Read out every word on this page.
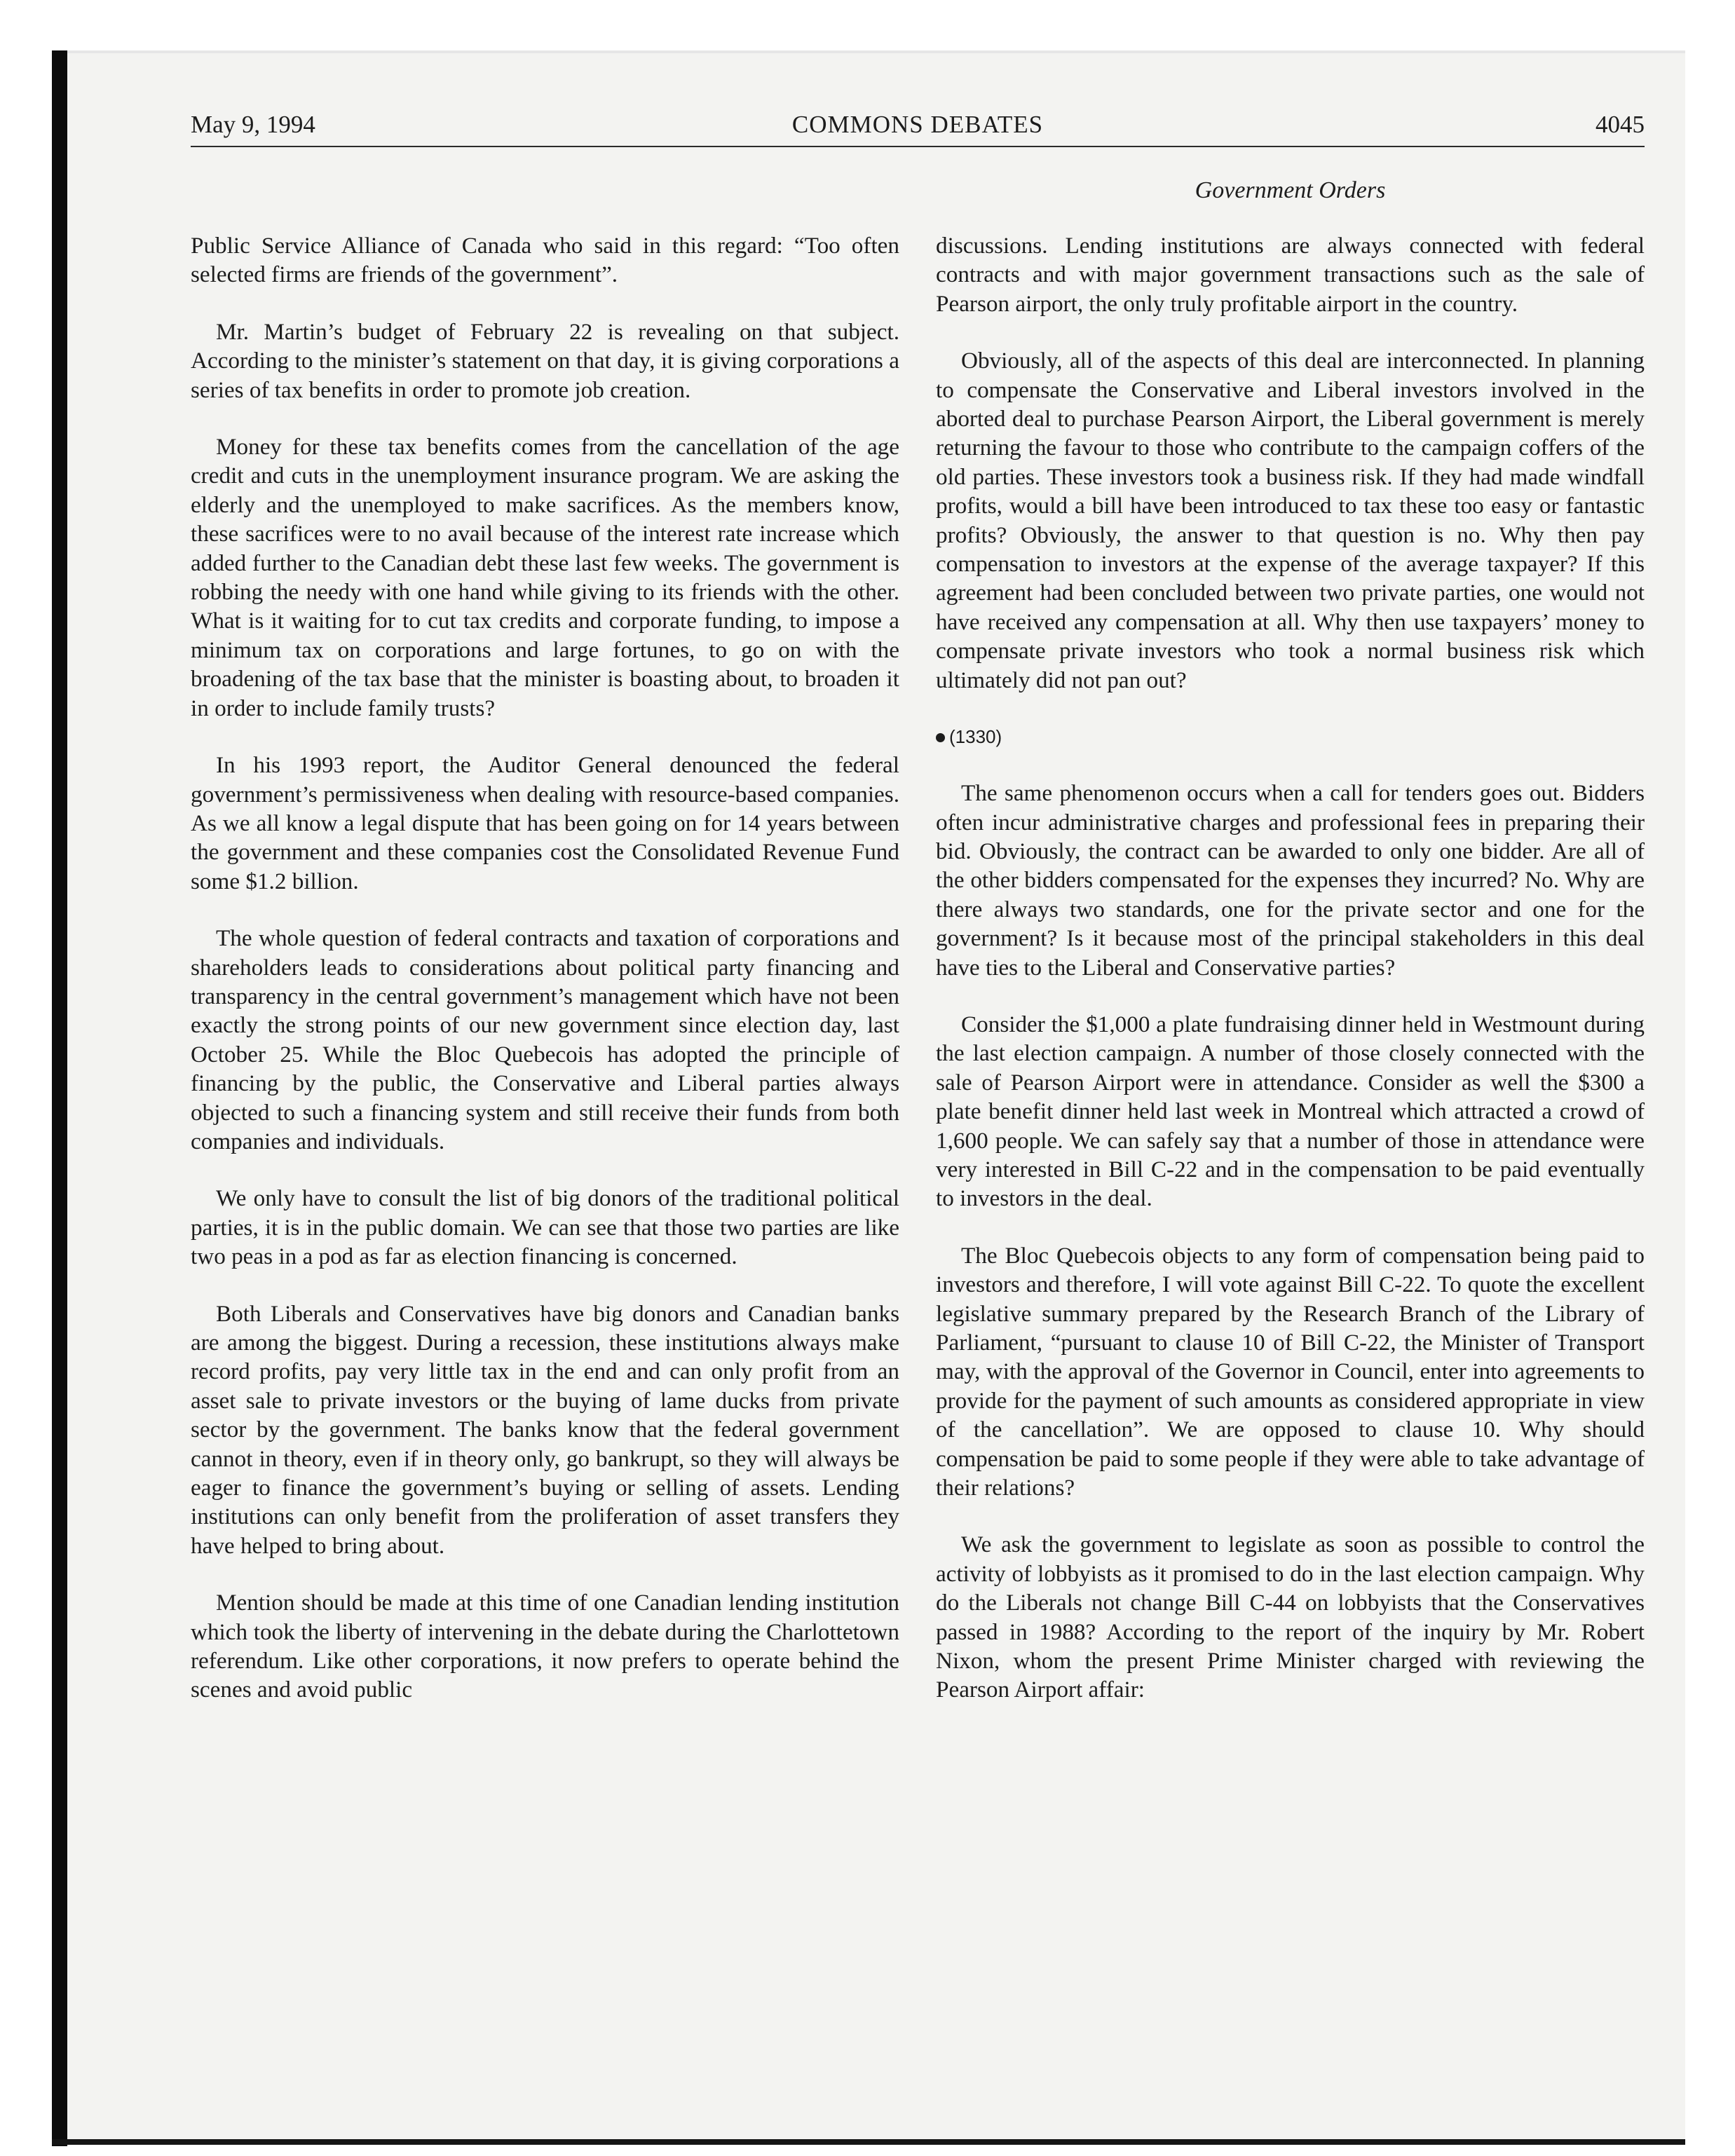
May 9, 1994	COMMONS DEBATES	4045
Government Orders

Public Service Alliance of Canada who said in this regard: “Too often selected firms are friends of the government”.

Mr. Martin’s budget of February 22 is revealing on that subject. According to the minister’s statement on that day, it is giving corporations a series of tax benefits in order to promote job creation.

Money for these tax benefits comes from the cancellation of the age credit and cuts in the unemployment insurance program. We are asking the elderly and the unemployed to make sacrifices. As the members know, these sacrifices were to no avail because of the interest rate increase which added further to the Canadian debt these last few weeks. The government is robbing the needy with one hand while giving to its friends with the other. What is it waiting for to cut tax credits and corporate funding, to impose a minimum tax on corporations and large fortunes, to go on with the broadening of the tax base that the minister is boasting about, to broaden it in order to include family trusts?

In his 1993 report, the Auditor General denounced the federal government’s permissiveness when dealing with resource-based companies. As we all know a legal dispute that has been going on for 14 years between the government and these companies cost the Consolidated Revenue Fund some $1.2 billion.

The whole question of federal contracts and taxation of corporations and shareholders leads to considerations about political party financing and transparency in the central government’s management which have not been exactly the strong points of our new government since election day, last October 25. While the Bloc Quebecois has adopted the principle of financing by the public, the Conservative and Liberal parties always objected to such a financing system and still receive their funds from both companies and individuals.

We only have to consult the list of big donors of the traditional political parties, it is in the public domain. We can see that those two parties are like two peas in a pod as far as election financing is concerned.

Both Liberals and Conservatives have big donors and Canadian banks are among the biggest. During a recession, these institutions always make record profits, pay very little tax in the end and can only profit from an asset sale to private investors or the buying of lame ducks from private sector by the government. The banks know that the federal government cannot in theory, even if in theory only, go bankrupt, so they will always be eager to finance the government’s buying or selling of assets. Lending institutions can only benefit from the proliferation of asset transfers they have helped to bring about.

Mention should be made at this time of one Canadian lending institution which took the liberty of intervening in the debate during the Charlottetown referendum. Like other corporations, it now prefers to operate behind the scenes and avoid public

discussions. Lending institutions are always connected with federal contracts and with major government transactions such as the sale of Pearson airport, the only truly profitable airport in the country.

Obviously, all of the aspects of this deal are interconnected. In planning to compensate the Conservative and Liberal investors involved in the aborted deal to purchase Pearson Airport, the Liberal government is merely returning the favour to those who contribute to the campaign coffers of the old parties. These investors took a business risk. If they had made windfall profits, would a bill have been introduced to tax these too easy or fantastic profits? Obviously, the answer to that question is no. Why then pay compensation to investors at the expense of the average taxpayer? If this agreement had been concluded between two private parties, one would not have received any compensation at all. Why then use taxpayers’ money to compensate private investors who took a normal business risk which ultimately did not pan out?

(1330)

The same phenomenon occurs when a call for tenders goes out. Bidders often incur administrative charges and professional fees in preparing their bid. Obviously, the contract can be awarded to only one bidder. Are all of the other bidders compensated for the expenses they incurred? No. Why are there always two standards, one for the private sector and one for the government? Is it because most of the principal stakeholders in this deal have ties to the Liberal and Conservative parties?

Consider the $1,000 a plate fundraising dinner held in Westmount during the last election campaign. A number of those closely connected with the sale of Pearson Airport were in attendance. Consider as well the $300 a plate benefit dinner held last week in Montreal which attracted a crowd of 1,600 people. We can safely say that a number of those in attendance were very interested in Bill C-22 and in the compensation to be paid eventually to investors in the deal.

The Bloc Quebecois objects to any form of compensation being paid to investors and therefore, I will vote against Bill C-22. To quote the excellent legislative summary prepared by the Research Branch of the Library of Parliament, “pursuant to clause 10 of Bill C-22, the Minister of Transport may, with the approval of the Governor in Council, enter into agreements to provide for the payment of such amounts as considered appropriate in view of the cancellation”. We are opposed to clause 10. Why should compensation be paid to some people if they were able to take advantage of their relations?

We ask the government to legislate as soon as possible to control the activity of lobbyists as it promised to do in the last election campaign. Why do the Liberals not change Bill C-44 on lobbyists that the Conservatives passed in 1988? According to the report of the inquiry by Mr. Robert Nixon, whom the present Prime Minister charged with reviewing the Pearson Airport affair:
